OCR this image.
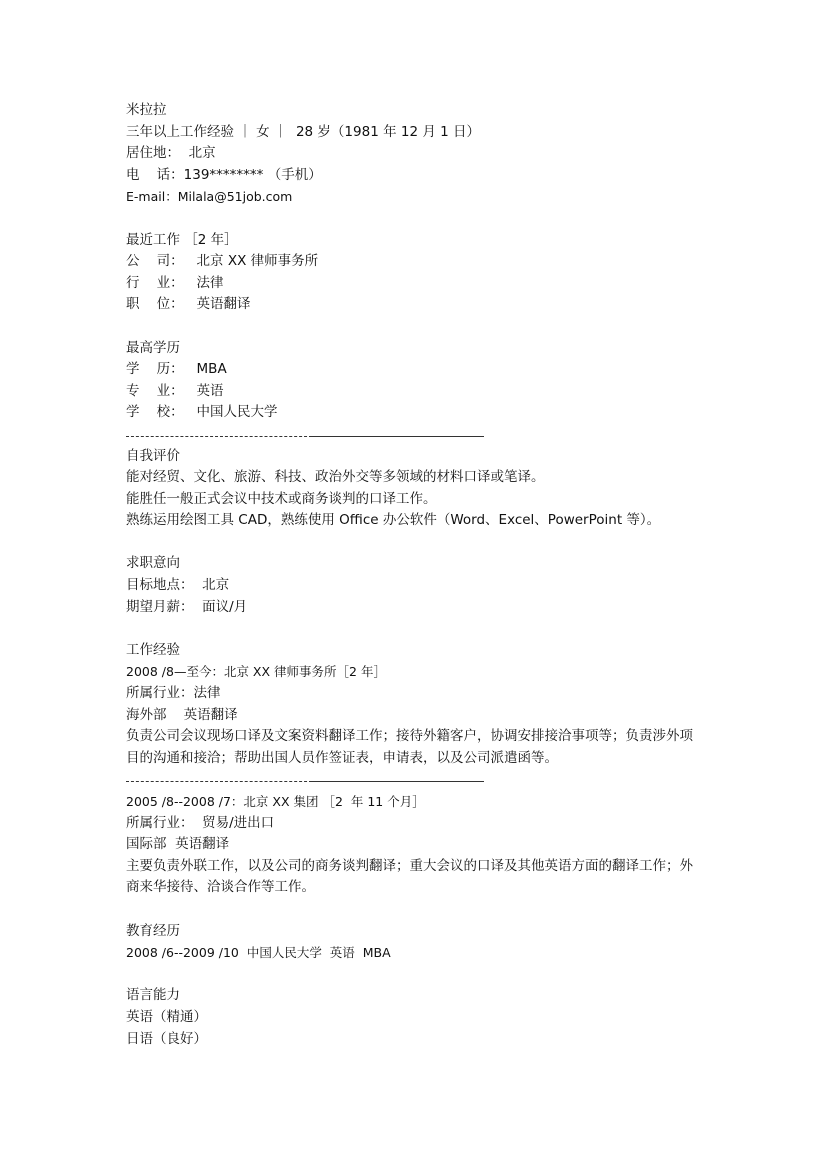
米拉拉
三年以上工作经验 ｜ 女 ｜  28 岁（1981 年 12 月 1 日）
居住地：  北京
电    话：139******** （手机）
E-mail：Milala@51job.com
最近工作 ［2 年］
公    司：   北京 XX 律师事务所
行    业：   法律
职    位：   英语翻译
最高学历
学    历：   MBA
专    业：   英语
学    校：   中国人民大学
自我评价
能对经贸、文化、旅游、科技、政治外交等多领域的材料口译或笔译。
能胜任一般正式会议中技术或商务谈判的口译工作。
熟练运用绘图工具 CAD，熟练使用 Office 办公软件（Word、Excel、PowerPoint 等）。
求职意向
目标地点：  北京
期望月薪：  面议/月
工作经验
2008 /8—至今：北京 XX 律师事务所［2 年］
所属行业：法律
海外部    英语翻译
负责公司会议现场口译及文案资料翻译工作；接待外籍客户，协调安排接洽事项等；负责涉外项目的沟通和接洽；帮助出国人员作签证表，申请表，以及公司派遣函等。
2005 /8--2008 /7：北京 XX 集团 ［2  年 11 个月］
所属行业：  贸易/进出口
国际部  英语翻译
主要负责外联工作，以及公司的商务谈判翻译；重大会议的口译及其他英语方面的翻译工作；外商来华接待、洽谈合作等工作。
教育经历
2008 /6--2009 /10  中国人民大学  英语  MBA
语言能力
英语（精通）
日语（良好）
